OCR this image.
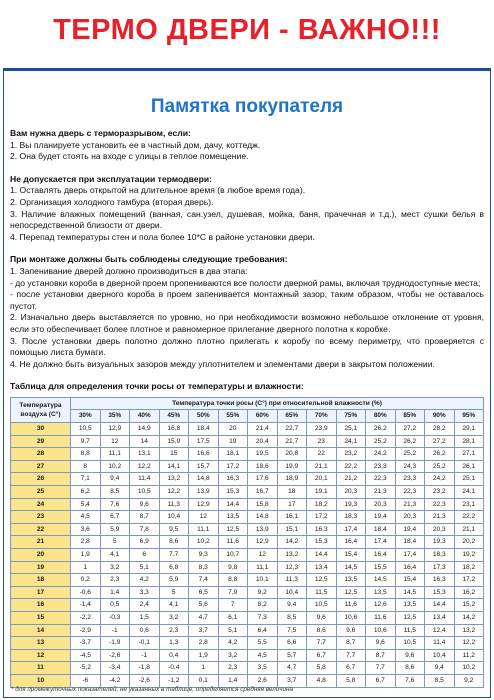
ТЕРМО ДВЕРИ - ВАЖНО!!!
Памятка покупателя
Вам нужна дверь с терморазрывом, если:
1. Вы планируете установить ее в частный дом, дачу, коттедж.
2. Она будет стоять на входе с улицы в теплое помещение.
Не допускается при эксплуатации термодвери:
1. Оставлять дверь открытой на длительное время (в любое время года).
2. Организация холодного тамбура (вторая дверь).
3. Наличие влажных помещений (ванная, сан.узел, душевая, мойка, баня, прачечная и т.д.), мест сушки белья в непосредственной близости от двери.
4. Перепад температуры стен и пола более 10*С в районе установки двери.
При монтаже должны быть соблюдены следующие требования:
1. Запенивание дверей должно производиться в два этапа:
- до установки короба в дверной проем пропениваются все полости дверной рамы, включая труднодоступные места;
- после установки дверного короба в проем запенивается монтажный зазор, таким образом, чтобы не оставалось пустот.
2. Изначально дверь выставляется по уровню, но при необходимости возможно небольшое отклонение от уровня, если это обеспечивает более плотное и равномерное прилегание дверного полотна к коробке.
3. После установки дверь полотно должно плотно прилегать к коробу по всему периметру, что проверяется с помощью листа бумаги.
4. Не должно быть визуальных зазоров между уплотнителем и элементами двери в закрытом положении.
Таблица для определения точки росы от температуры и влажности:
Температура воздуха (С°)	Температура точки росы (С°) при относительной влажности (%)													
	30%	35%	40%	45%	50%	55%	60%	65%	70%	75%	80%	85%	90%	95%
30	10,5	12,9	14,9	16,8	18,4	20	21,4	22,7	23,9	25,1	26,2	27,2	28,2	29,1
29	9,7	12	14	15,9	17,5	19	20,4	21,7	23	24,1	25,2	26,2	27,2	28,1
28	8,8	11,1	13,1	15	16,6	18,1	19,5	20,8	22	23,2	24,2	25,2	26,2	27,1
27	8	10,2	12,2	14,1	15,7	17,2	18,6	19,9	21,1	22,2	23,3	24,3	25,2	26,1
26	7,1	9,4	11,4	13,2	14,8	16,3	17,6	18,9	20,1	21,2	22,3	23,3	24,2	25,1
25	6,2	8,5	10,5	12,2	13,9	15,3	16,7	18	19,1	20,3	21,3	22,3	23,2	24,1
24	5,4	7,6	9,6	11,3	12,9	14,4	15,8	17	18,2	19,3	20,3	21,3	22,3	23,1
23	4,5	6,7	8,7	10,4	12	13,5	14,8	16,1	17,2	18,3	19,4	20,3	21,3	22,2
22	3,6	5,9	7,8	9,5	11,1	12,5	13,9	15,1	16,3	17,4	18,4	19,4	20,3	21,1
21	2,8	5	6,9	8,6	10,2	11,6	12,9	14,2	15,3	16,4	17,4	18,4	19,3	20,2
20	1,9	4,1	6	7,7	9,3	10,7	12	13,2	14,4	15,4	16,4	17,4	18,3	19,2
19	1	3,2	5,1	6,8	8,3	9,8	11,1	12,3	13,4	14,5	15,5	16,4	17,3	18,2
18	0,2	2,3	4,2	5,9	7,4	8,8	10,1	11,3	12,5	13,5	14,5	15,4	16,3	17,2
17	-0,6	1,4	3,3	5	6,5	7,9	9,2	10,4	11,5	12,5	13,5	14,5	15,3	16,2
16	-1,4	0,5	2,4	4,1	5,6	7	8,2	9,4	10,5	11,6	12,6	13,5	14,4	15,2
15	-2,2	-0,3	1,5	3,2	4,7	6,1	7,3	8,5	9,6	10,6	11,6	12,5	13,4	14,2
14	-2,9	-1	0,6	2,3	3,7	5,1	6,4	7,5	8,6	9,6	10,6	11,5	12,4	13,2
13	-3,7	-1,9	-0,1	1,3	2,8	4,2	5,5	6,6	7,7	8,7	9,6	10,5	11,4	12,2
12	-4,5	-2,6	-1	0,4	1,9	3,2	4,5	5,7	6,7	7,7	8,7	9,6	10,4	11,2
11	-5,2	-3,4	-1,8	-0,4	1	2,3	3,5	4,7	5,8	6,7	7,7	8,6	9,4	10,2
10	-6	-4,2	-2,6	-1,2	0,1	1,4	2,6	3,7	4,8	5,8	6,7	7,6	8,5	9,2
* для промежуточных показателей, не указанных в таблице, определяется средняя величина
